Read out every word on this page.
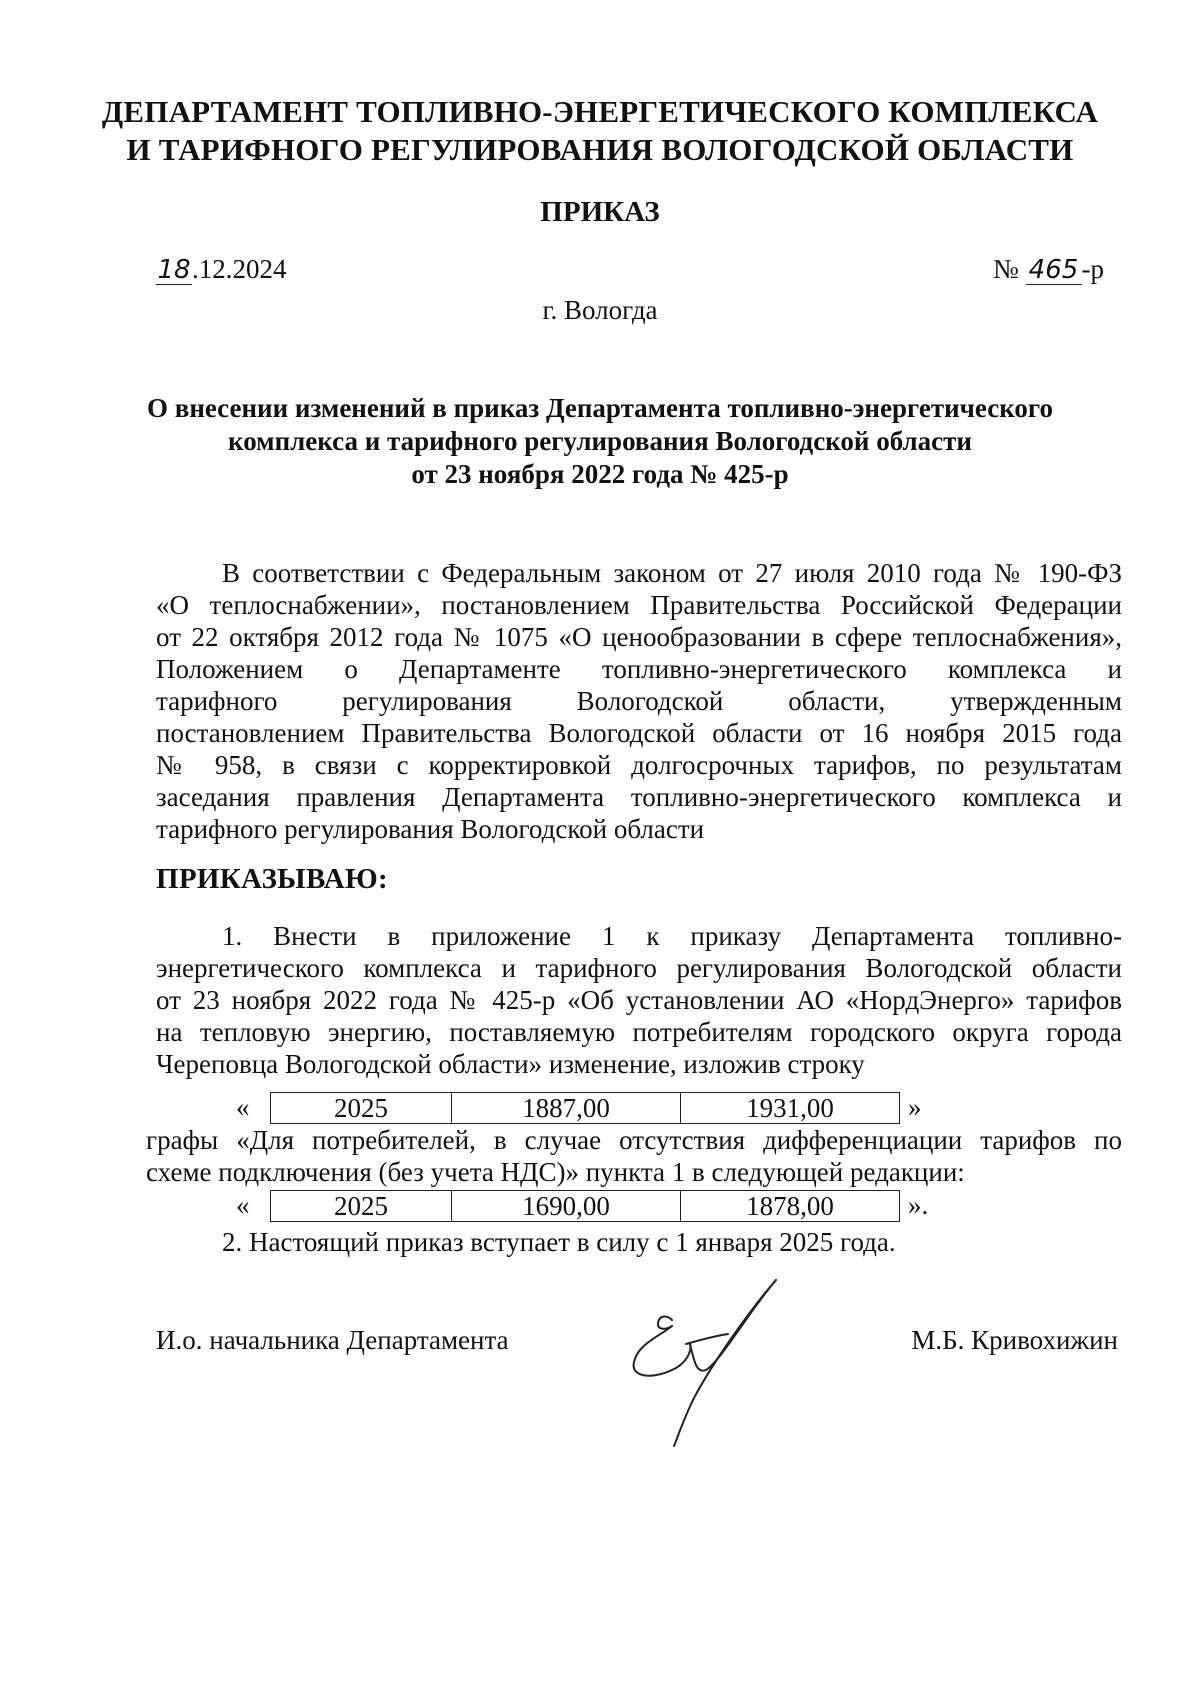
ДЕПАРТАМЕНТ ТОПЛИВНО-ЭНЕРГЕТИЧЕСКОГО КОМПЛЕКСА
И ТАРИФНОГО РЕГУЛИРОВАНИЯ ВОЛОГОДСКОЙ ОБЛАСТИ
ПРИКАЗ
18.12.2024	№ 465 -р
г. Вологда
О внесении изменений в приказ Департамента топливно-энергетического
комплекса и тарифного регулирования Вологодской области
от 23 ноября 2022 года № 425-р
В соответствии с Федеральным законом от 27 июля 2010 года № 190-ФЗ
«О теплоснабжении», постановлением Правительства Российской Федерации
от 22 октября 2012 года № 1075 «О ценообразовании в сфере теплоснабжения»,
Положением о Департаменте топливно-энергетического комплекса и
тарифного регулирования Вологодской области, утвержденным
постановлением Правительства Вологодской области от 16 ноября 2015 года
№ 958, в связи с корректировкой долгосрочных тарифов, по результатам
заседания правления Департамента топливно-энергетического комплекса и
тарифного регулирования Вологодской области
ПРИКАЗЫВАЮ:
1. Внести в приложение 1 к приказу Департамента топливно-
энергетического комплекса и тарифного регулирования Вологодской области
от 23 ноября 2022 года № 425-р «Об установлении АО «НордЭнерго» тарифов
на тепловую энергию, поставляемую потребителям городского округа города
Череповца Вологодской области» изменение, изложив строку
«	2025	1887,00	1931,00	»
графы «Для потребителей, в случае отсутствия дифференциации тарифов по
схеме подключения (без учета НДС)» пункта 1 в следующей редакции:
«	2025	1690,00	1878,00	».
2. Настоящий приказ вступает в силу с 1 января 2025 года.
И.о. начальника Департамента	М.Б. Кривохижин
